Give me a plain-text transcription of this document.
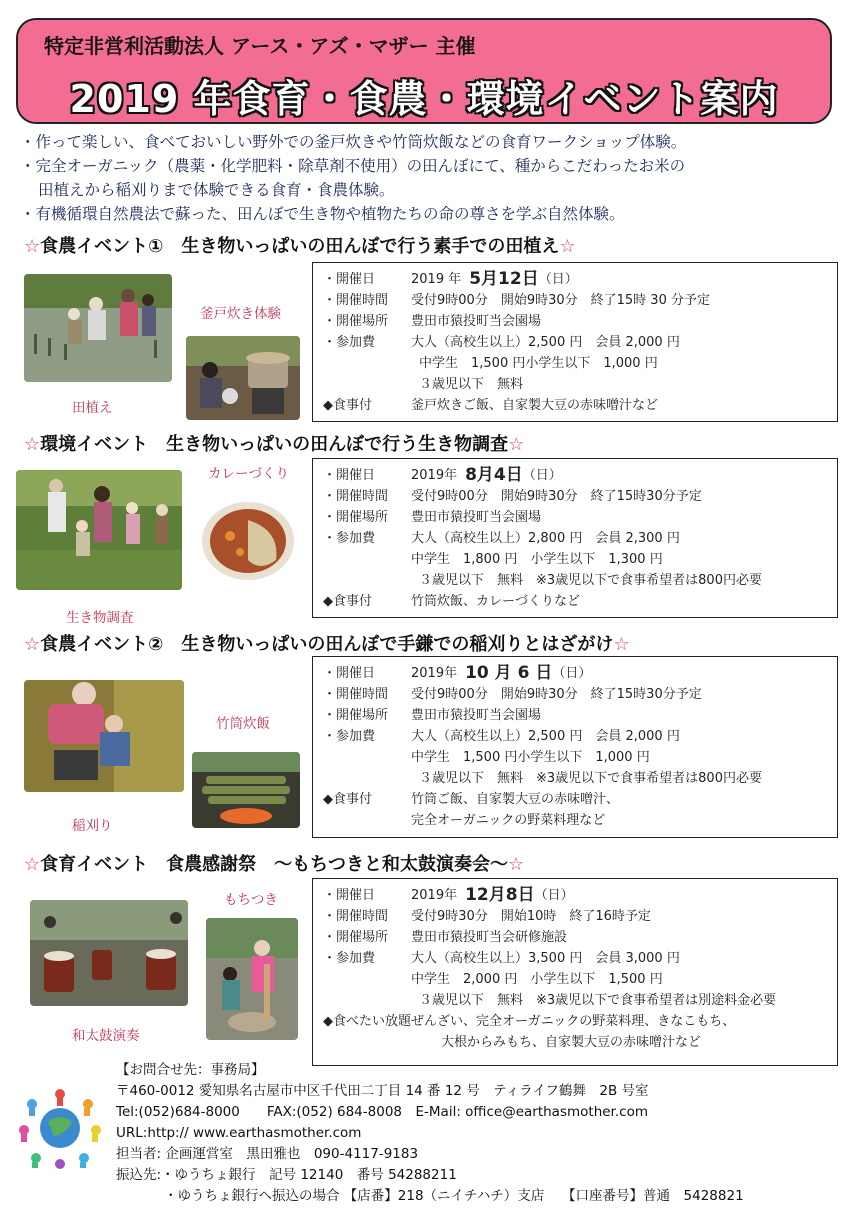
特定非営利活動法人 アース・アズ・マザー 主催
2019 年食育・食農・環境イベント案内
・作って楽しい、食べておいしい野外での釜戸炊きや竹筒炊飯などの食育ワークショップ体験。
・完全オーガニック（農薬・化学肥料・除草剤不使用）の田んぼにて、種からこだわったお米の
田植えから稲刈りまで体験できる食育・食農体験。
・有機循環自然農法で蘇った、田んぼで生き物や植物たちの命の尊さを学ぶ自然体験。
☆食農イベント①　生き物いっぱいの田んぼで行う素手での田植え☆
田植え
釜戸炊き体験
・開催日	2019 年 5月12日 （日）
・開催時間	受付9時00分　開始9時30分　終了15時 30 分予定
・開催場所	豊田市猿投町当会園場
・参加費	大人（高校生以上）2,500 円　会員 2,000 円
中学生　1,500 円小学生以下　1,000 円
３歳児以下　無料
◆食事付	釜戸炊きご飯、自家製大豆の赤味噌汁など
☆環境イベント　生き物いっぱいの田んぼで行う生き物調査☆
生き物調査
カレーづくり	・開催日	2019年 8月4日 （日）
・開催時間	受付9時00分　開始9時30分　終了15時30分予定
・開催場所	豊田市猿投町当会園場
・参加費	大人（高校生以上）2,800 円　会員 2,300 円
中学生　1,800 円　小学生以下　1,300 円
３歳児以下　無料　※3歳児以下で食事希望者は800円必要
◆食事付	竹筒炊飯、カレーづくりなど
☆食農イベント②　生き物いっぱいの田んぼで手鎌での稲刈りとはざがけ☆
稲刈り
竹筒炊飯
・開催日	2019年 10 月 6 日 （日）
・開催時間	受付9時00分　開始9時30分　終了15時30分予定
・開催場所	豊田市猿投町当会園場
・参加費	大人（高校生以上）2,500 円　会員 2,000 円
中学生　1,500 円小学生以下　1,000 円
３歳児以下　無料　※3歳児以下で食事希望者は800円必要
◆食事付	竹筒ご飯、自家製大豆の赤味噌汁、
完全オーガニックの野菜料理など
☆食育イベント　食農感謝祭　～もちつきと和太鼓演奏会～☆
和太鼓演奏
もちつき	・開催日	2019年 12月8日 （日）
・開催時間	受付9時30分　開始10時　終了16時予定
・開催場所	豊田市猿投町当会研修施設
・参加費	大人（高校生以上）3,500 円　会員 3,000 円
中学生　2,000 円　小学生以下　1,500 円
３歳児以下　無料　※3歳児以下で食事希望者は別途料金必要
◆食べたい放題 ぜんざい、完全オーガニックの野菜料理、きなこもち、
大根からみもち、自家製大豆の赤味噌汁など
【お問合せ先：事務局】
〒460-0012 愛知県名古屋市中区千代田二丁目 14 番 12 号　ティライフ鶴舞　2B 号室
Tel:(052)684-8000　　FAX:(052) 684-8008　E-Mail: office@earthasmother.com
URL:http:// www.earthasmother.com
担当者: 企画運営室　黒田雅也　090-4117-9183
振込先:・ゆうちょ銀行　記号 12140　番号 54288211
・ゆうちょ銀行へ振込の場合 【店番】218（ニイチハチ）支店　 【口座番号】普通　5428821
